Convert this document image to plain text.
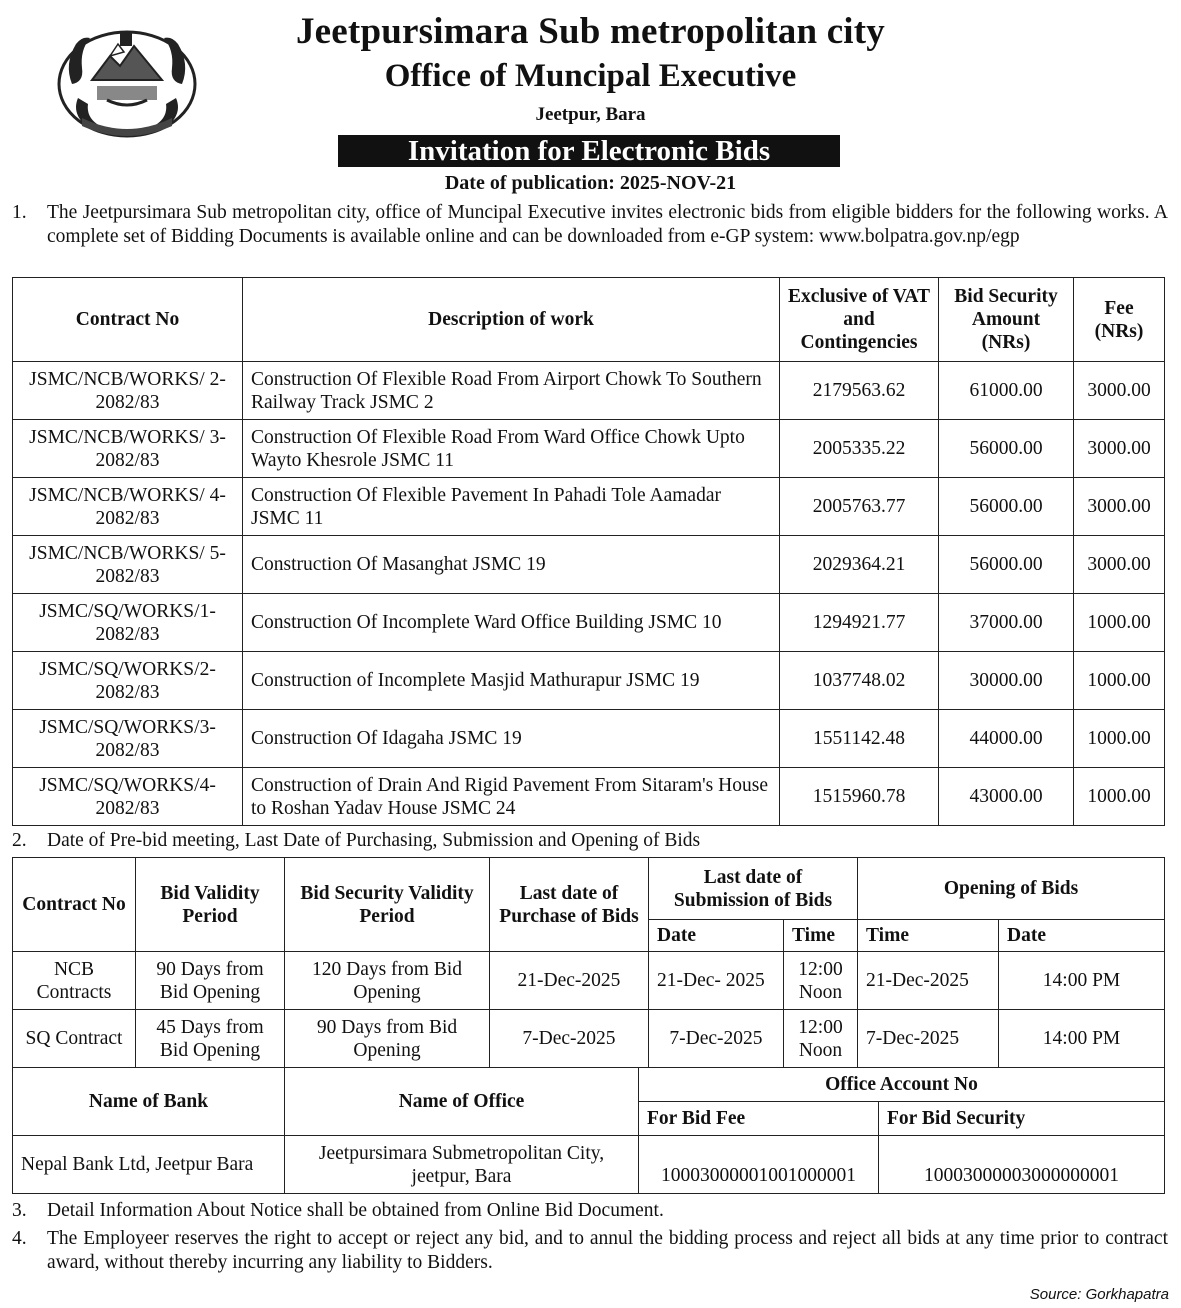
Jeetpursimara Sub metropolitan city
Office of Muncipal Executive
Jeetpur, Bara
Invitation for Electronic Bids
Date of publication: 2025-NOV-21
1. The Jeetpursimara Sub metropolitan city, office of Muncipal Executive invites electronic bids from eligible bidders for the following works. A complete set of Bidding Documents is available online and can be downloaded from e-GP system: www.bolpatra.gov.np/egp
Contract No	Description of work	Exclusive of VAT and Contingencies	Bid Security Amount (NRs)	Fee (NRs)
JSMC/NCB/WORKS/ 2-2082/83	Construction Of Flexible Road From Airport Chowk To Southern Railway Track JSMC 2	2179563.62	61000.00	3000.00
JSMC/NCB/WORKS/ 3-2082/83	Construction Of Flexible Road From Ward Office Chowk Upto Wayto Khesrole JSMC 11	2005335.22	56000.00	3000.00
JSMC/NCB/WORKS/ 4-2082/83	Construction Of Flexible Pavement In Pahadi Tole Aamadar JSMC 11	2005763.77	56000.00	3000.00
JSMC/NCB/WORKS/ 5-2082/83	Construction Of Masanghat JSMC 19	2029364.21	56000.00	3000.00
JSMC/SQ/WORKS/1- 2082/83	Construction Of Incomplete Ward Office Building JSMC 10	1294921.77	37000.00	1000.00
JSMC/SQ/WORKS/2- 2082/83	Construction of Incomplete Masjid Mathurapur JSMC 19	1037748.02	30000.00	1000.00
JSMC/SQ/WORKS/3- 2082/83	Construction Of Idagaha JSMC 19	1551142.48	44000.00	1000.00
JSMC/SQ/WORKS/4- 2082/83	Construction of Drain And Rigid Pavement From Sitaram's House to Roshan Yadav House JSMC 24	1515960.78	43000.00	1000.00
2. Date of Pre-bid meeting, Last Date of Purchasing, Submission and Opening of Bids
Contract No	Bid Validity Period	Bid Security Validity Period	Last date of Purchase of Bids	Last date of Submission of Bids		Opening of Bids	
				Date	Time	Time	Date
NCB Contracts	90 Days from Bid Opening	120 Days from Bid Opening	21-Dec-2025	21-Dec- 2025	12:00 Noon	21-Dec-2025	14:00 PM
SQ Contract	45 Days from Bid Opening	90 Days from Bid Opening	7-Dec-2025	7-Dec-2025	12:00 Noon	7-Dec-2025	14:00 PM
Name of Bank	Name of Office	Office Account No	
		For Bid Fee	For Bid Security
Nepal Bank Ltd, Jeetpur Bara	Jeetpursimara Submetropolitan City, jeetpur, Bara	10003000001001000001	10003000003000000001
3. Detail Information About Notice shall be obtained from Online Bid Document.
4. The Employeer reserves the right to accept or reject any bid, and to annul the bidding process and reject all bids at any time prior to contract award, without thereby incurring any liability to Bidders.
Source: Gorkhapatra
